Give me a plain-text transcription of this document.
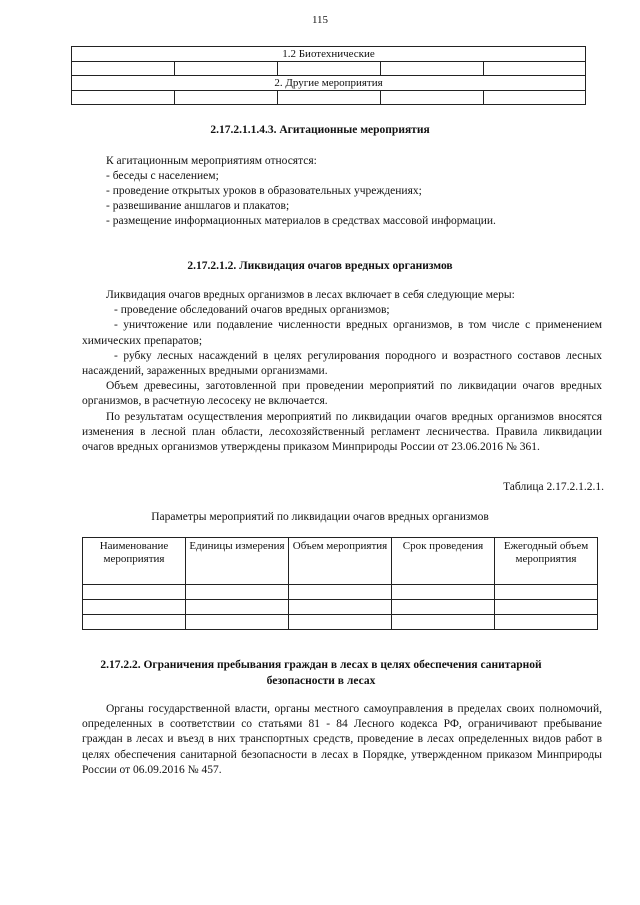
115
1.2 Биотехнические				

2. Другие мероприятия				

2.17.2.1.1.4.3. Агитационные мероприятия
К агитационным мероприятиям относятся:
- беседы с населением;
- проведение открытых уроков в образовательных учреждениях;
- развешивание аншлагов и плакатов;
- размещение информационных материалов в средствах массовой информации.
2.17.2.1.2. Ликвидация очагов вредных организмов

Ликвидация очагов вредных организмов в лесах включает в себя следующие меры:

- проведение обследований очагов вредных организмов;

- уничтожение или подавление численности вредных организмов, в том числе с применением химических препаратов;

- рубку лесных насаждений в целях регулирования породного и возрастного составов лесных насаждений, зараженных вредными организмами.

Объем древесины, заготовленной при проведении мероприятий по ликвидации очагов вредных организмов, в расчетную лесосеку не включается.

По результатам осуществления мероприятий по ликвидации очагов вредных организмов вносятся изменения в лесной план области, лесохозяйственный регламент лесничества. Правила ликвидации очагов вредных организмов утверждены приказом Минприроды России от 23.06.2016 № 361.

Таблица 2.17.2.1.2.1.
Параметры мероприятий по ликвидации очагов вредных организмов
Наименование мероприятия	Единицы измерения	Объем мероприятия	Срок проведения	Ежегодный объем мероприятия

2.17.2.2. Ограничения пребывания граждан в лесах в целях обеспечения санитарной безопасности в лесах

Органы государственной власти, органы местного самоуправления в пределах своих полномочий, определенных в соответствии со статьями 81 - 84 Лесного кодекса РФ, ограничивают пребывание граждан в лесах и въезд в них транспортных средств, проведение в лесах определенных видов работ в целях обеспечения санитарной безопасности в лесах в Порядке, утвержденном приказом Минприроды России от 06.09.2016 № 457.
